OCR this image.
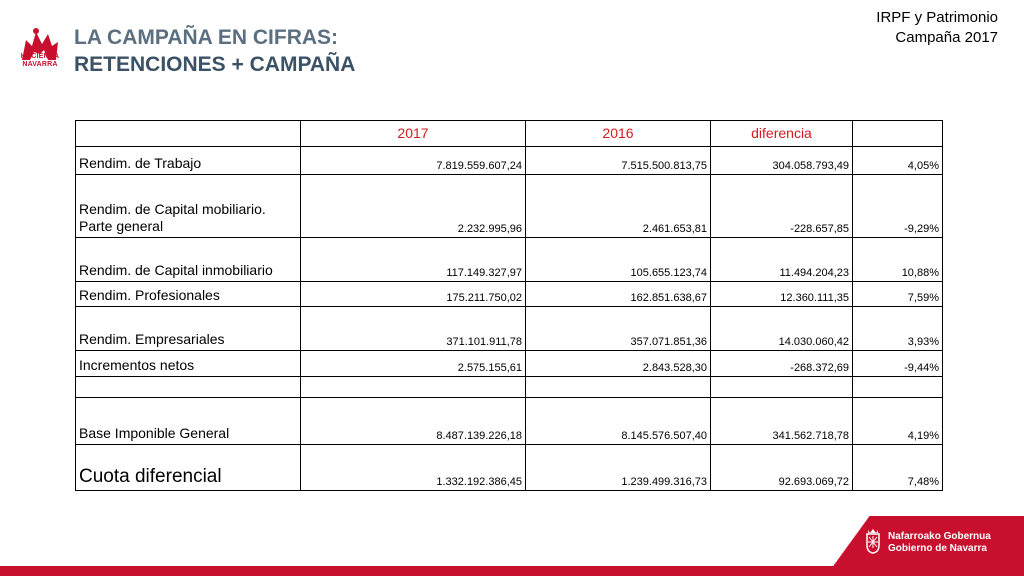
HACIENDA
NAVARRA
LA CAMPAÑA EN CIFRAS:
RETENCIONES + CAMPAÑA
IRPF y Patrimonio
Campaña 2017
	2017	2016	diferencia	
Rendim. de Trabajo	7.819.559.607,24	7.515.500.813,75	304.058.793,49	4,05%
Rendim. de Capital mobiliario. Parte general	2.232.995,96	2.461.653,81	-228.657,85	-9,29%
Rendim. de Capital inmobiliario	117.149.327,97	105.655.123,74	11.494.204,23	10,88%
Rendim. Profesionales	175.211.750,02	162.851.638,67	12.360.111,35	7,59%
Rendim. Empresariales	371.101.911,78	357.071.851,36	14.030.060,42	3,93%
Incrementos netos	2.575.155,61	2.843.528,30	-268.372,69	-9,44%

Base Imponible General	8.487.139.226,18	8.145.576.507,40	341.562.718,78	4,19%
Cuota diferencial	1.332.192.386,45	1.239.499.316,73	92.693.069,72	7,48%
Nafarroako Gobernua
Gobierno de Navarra
